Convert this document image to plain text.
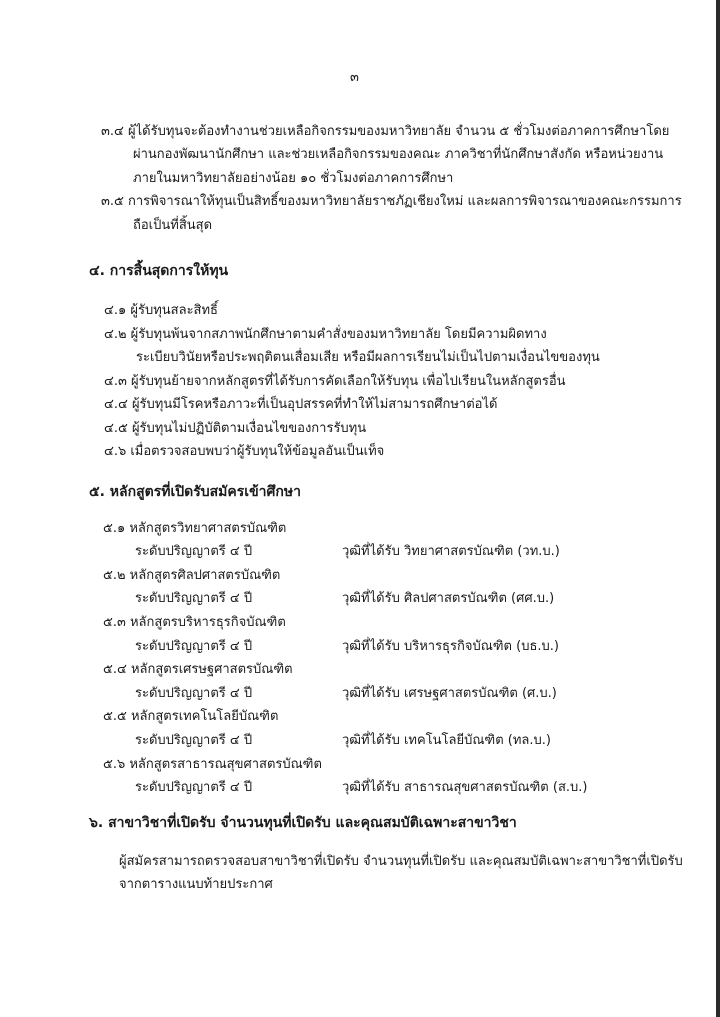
๓
๓.๔ ผู้ได้รับทุนจะต้องทำงานช่วยเหลือกิจกรรมของมหาวิทยาลัย จำนวน ๕ ชั่วโมงต่อภาคการศึกษาโดย
ผ่านกองพัฒนานักศึกษา และช่วยเหลือกิจกรรมของคณะ ภาควิชาที่นักศึกษาสังกัด หรือหน่วยงาน
ภายในมหาวิทยาลัยอย่างน้อย ๑๐ ชั่วโมงต่อภาคการศึกษา
๓.๕ การพิจารณาให้ทุนเป็นสิทธิ์ของมหาวิทยาลัยราชภัฏเชียงใหม่ และผลการพิจารณาของคณะกรรมการ
ถือเป็นที่สิ้นสุด
๔. การสิ้นสุดการให้ทุน
๔.๑ ผู้รับทุนสละสิทธิ์
๔.๒ ผู้รับทุนพ้นจากสภาพนักศึกษาตามคำสั่งของมหาวิทยาลัย โดยมีความผิดทาง
ระเบียบวินัยหรือประพฤติตนเสื่อมเสีย หรือมีผลการเรียนไม่เป็นไปตามเงื่อนไขของทุน
๔.๓ ผู้รับทุนย้ายจากหลักสูตรที่ได้รับการคัดเลือกให้รับทุน เพื่อไปเรียนในหลักสูตรอื่น
๔.๔ ผู้รับทุนมีโรคหรือภาวะที่เป็นอุปสรรคที่ทำให้ไม่สามารถศึกษาต่อได้
๔.๕ ผู้รับทุนไม่ปฏิบัติตามเงื่อนไขของการรับทุน
๔.๖ เมื่อตรวจสอบพบว่าผู้รับทุนให้ข้อมูลอันเป็นเท็จ
๕. หลักสูตรที่เปิดรับสมัครเข้าศึกษา
๕.๑ หลักสูตรวิทยาศาสตรบัณฑิต
ระดับปริญญาตรี ๔ ปี	วุฒิที่ได้รับ วิทยาศาสตรบัณฑิต (วท.บ.)
๕.๒ หลักสูตรศิลปศาสตรบัณฑิต
ระดับปริญญาตรี ๔ ปี	วุฒิที่ได้รับ ศิลปศาสตรบัณฑิต (ศศ.บ.)
๕.๓ หลักสูตรบริหารธุรกิจบัณฑิต
ระดับปริญญาตรี ๔ ปี	วุฒิที่ได้รับ บริหารธุรกิจบัณฑิต (บธ.บ.)
๕.๔ หลักสูตรเศรษฐศาสตรบัณฑิต
ระดับปริญญาตรี ๔ ปี	วุฒิที่ได้รับ เศรษฐศาสตรบัณฑิต (ศ.บ.)
๕.๕ หลักสูตรเทคโนโลยีบัณฑิต
ระดับปริญญาตรี ๔ ปี	วุฒิที่ได้รับ เทคโนโลยีบัณฑิต (ทล.บ.)
๕.๖ หลักสูตรสาธารณสุขศาสตรบัณฑิต
ระดับปริญญาตรี ๔ ปี	วุฒิที่ได้รับ สาธารณสุขศาสตรบัณฑิต (ส.บ.)
๖. สาขาวิชาที่เปิดรับ จำนวนทุนที่เปิดรับ และคุณสมบัติเฉพาะสาขาวิชา
ผู้สมัครสามารถตรวจสอบสาขาวิชาที่เปิดรับ จำนวนทุนที่เปิดรับ และคุณสมบัติเฉพาะสาขาวิชาที่เปิดรับ
จากตารางแนบท้ายประกาศ
